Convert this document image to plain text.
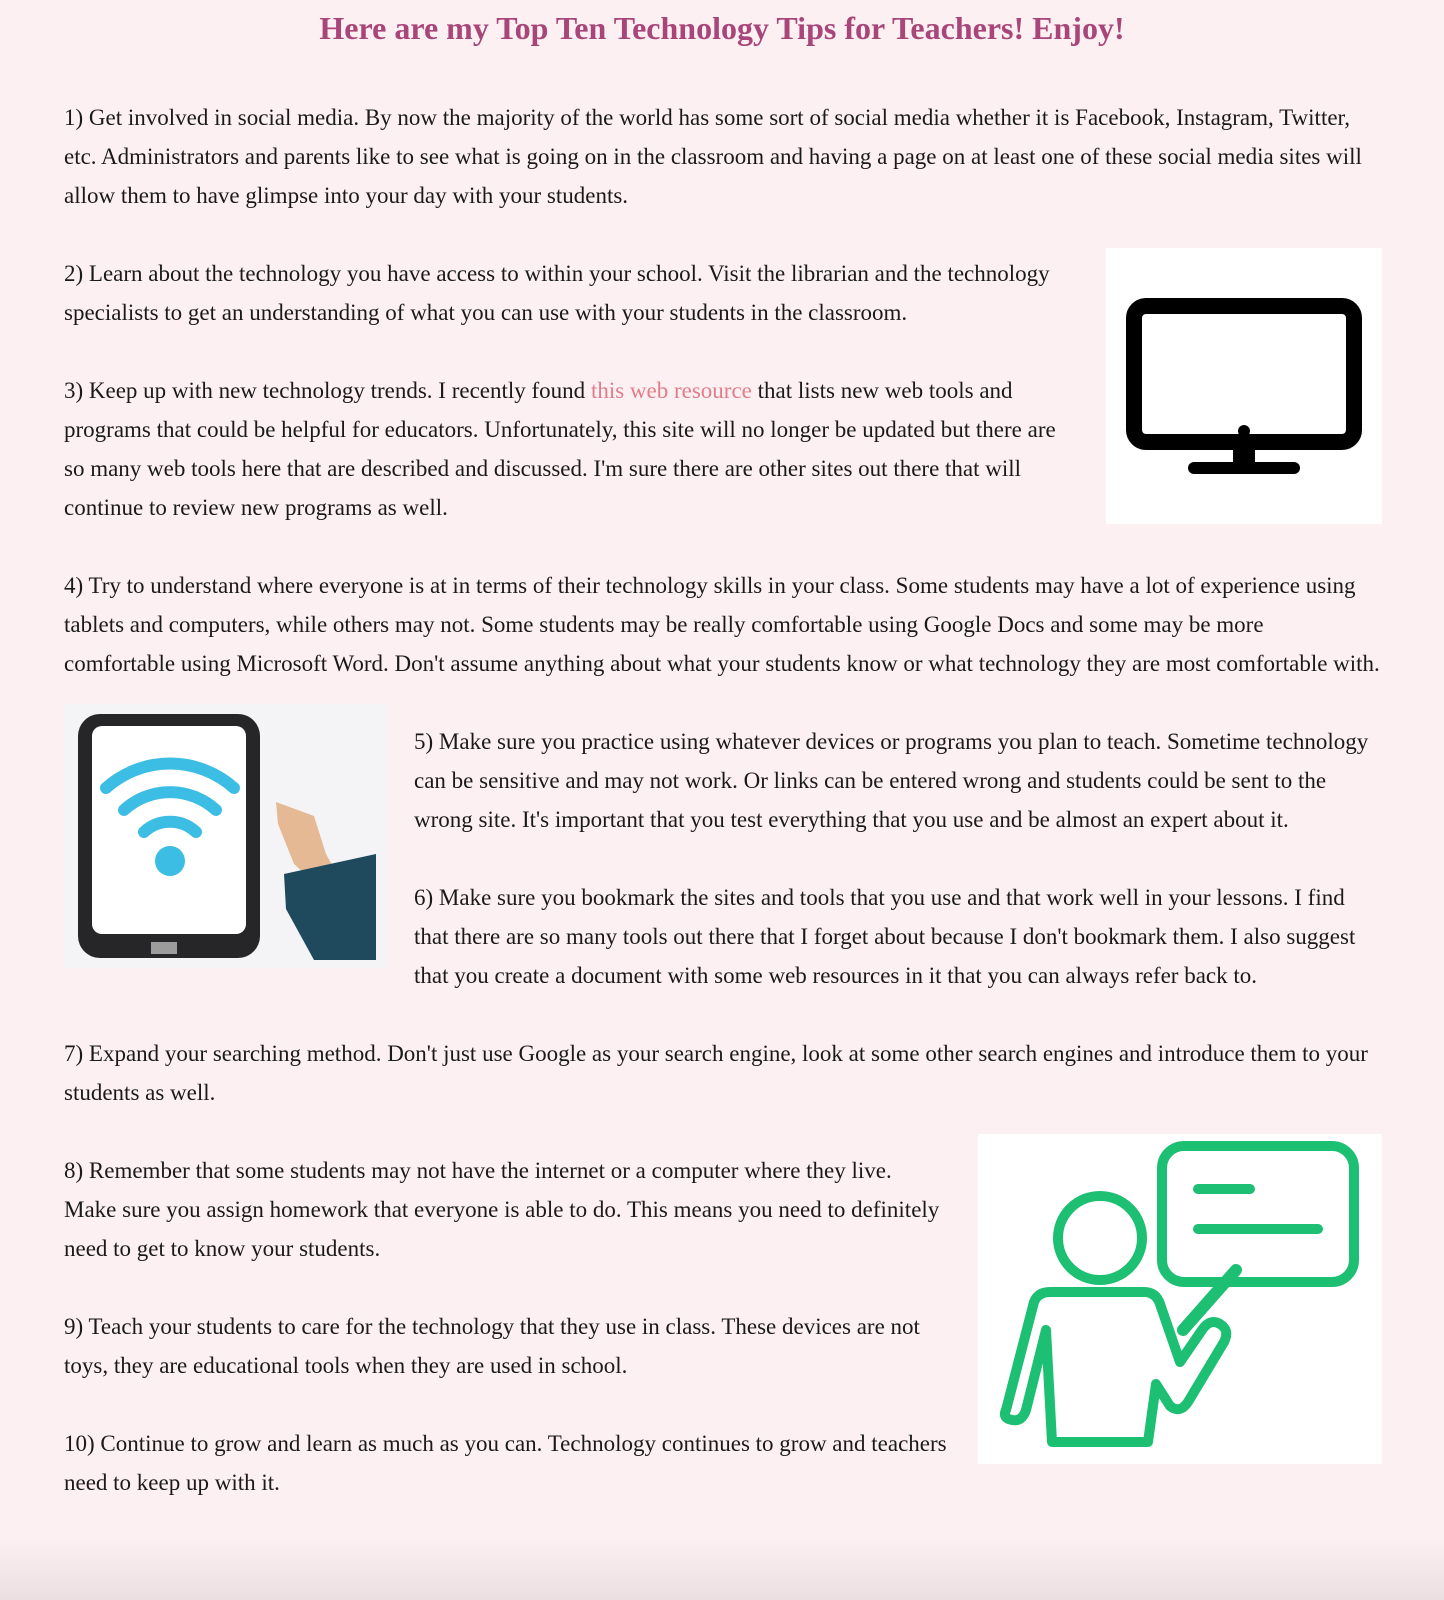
Here are my Top Ten Technology Tips for Teachers! Enjoy!

1) Get involved in social media. By now the majority of the world has some sort of social media whether it is Facebook, Instagram, Twitter, etc. Administrators and parents like to see what is going on in the classroom and having a page on at least one of these social media sites will allow them to have glimpse into your day with your students.

2) Learn about the technology you have access to within your school. Visit the librarian and the technology specialists to get an understanding of what you can use with your students in the classroom.

3) Keep up with new technology trends. I recently found this web resource that lists new web tools and programs that could be helpful for educators. Unfortunately, this site will no longer be updated but there are so many web tools here that are described and discussed. I'm sure there are other sites out there that will continue to review new programs as well.

4) Try to understand where everyone is at in terms of their technology skills in your class. Some students may have a lot of experience using tablets and computers, while others may not. Some students may be really comfortable using Google Docs and some may be more comfortable using Microsoft Word. Don't assume anything about what your students know or what technology they are most comfortable with.

5) Make sure you practice using whatever devices or programs you plan to teach. Sometime technology can be sensitive and may not work. Or links can be entered wrong and students could be sent to the wrong site. It's important that you test everything that you use and be almost an expert about it.

6) Make sure you bookmark the sites and tools that you use and that work well in your lessons. I find that there are so many tools out there that I forget about because I don't bookmark them. I also suggest that you create a document with some web resources in it that you can always refer back to.

7) Expand your searching method. Don't just use Google as your search engine, look at some other search engines and introduce them to your students as well.

8) Remember that some students may not have the internet or a computer where they live. Make sure you assign homework that everyone is able to do. This means you need to definitely need to get to know your students.

9) Teach your students to care for the technology that they use in class. These devices are not toys, they are educational tools when they are used in school.

10) Continue to grow and learn as much as you can. Technology continues to grow and teachers need to keep up with it.
